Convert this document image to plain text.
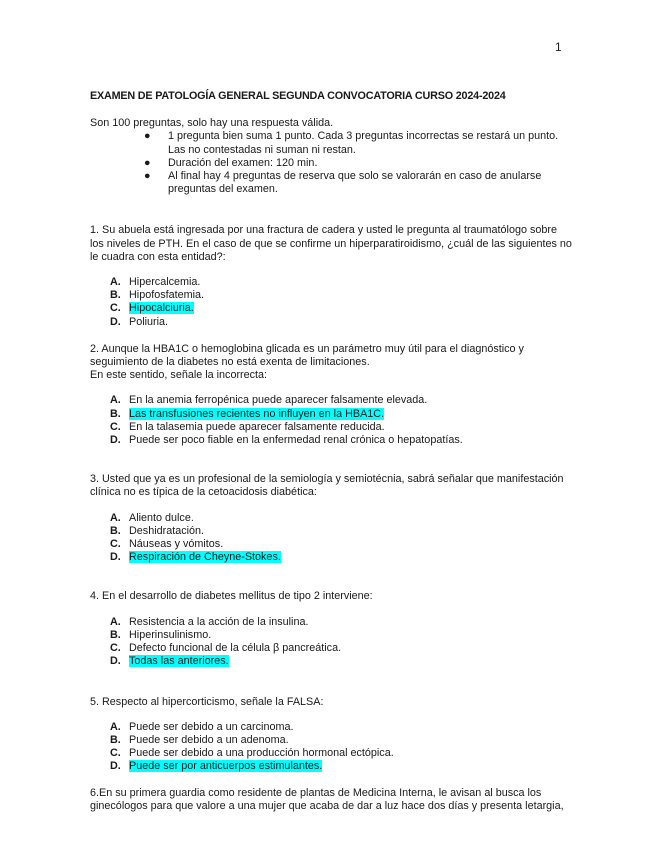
1

EXAMEN DE PATOLOGÍA GENERAL SEGUNDA CONVOCATORIA CURSO 2024-2024

Son 100 preguntas, solo hay una respuesta válida.

● 1 pregunta bien suma 1 punto. Cada 3 preguntas incorrectas se restará un punto. Las no contestadas ni suman ni restan.
● Duración del examen: 120 min.
● Al final hay 4 preguntas de reserva que solo se valorarán en caso de anularse preguntas del examen.

1. Su abuela está ingresada por una fractura de cadera y usted le pregunta al traumatólogo sobre los niveles de PTH. En el caso de que se confirme un hiperparatiroidismo, ¿cuál de las siguientes no le cuadra con esta entidad?:

A. Hipercalcemia.
B. Hipofosfatemia.
C. Hipocalciuria.
D. Poliuria.

2. Aunque la HBA1C o hemoglobina glicada es un parámetro muy útil para el diagnóstico y seguimiento de la diabetes no está exenta de limitaciones.

En este sentido, señale la incorrecta:

A. En la anemia ferropénica puede aparecer falsamente elevada.
B. Las transfusiones recientes no influyen en la HBA1C.
C. En la talasemia puede aparecer falsamente reducida.
D. Puede ser poco fiable en la enfermedad renal crónica o hepatopatías.

3. Usted que ya es un profesional de la semiología y semiotécnia, sabrá señalar que manifestación clínica no es típica de la cetoacidosis diabética:

A. Aliento dulce.
B. Deshidratación.
C. Náuseas y vómitos.
D. Respiración de Cheyne-Stokes.

4. En el desarrollo de diabetes mellitus de tipo 2 interviene:

A. Resistencia a la acción de la insulina.
B. Hiperinsulinismo.
C. Defecto funcional de la célula β pancreática.
D. Todas las anteriores.

5. Respecto al hipercorticismo, señale la FALSA:

A. Puede ser debido a un carcinoma.
B. Puede ser debido a un adenoma.
C. Puede ser debido a una producción hormonal ectópica.
D. Puede ser por anticuerpos estimulantes.

6.En su primera guardia como residente de plantas de Medicina Interna, le avisan al busca los ginecólogos para que valore a una mujer que acaba de dar a luz hace dos días y presenta letargia,
